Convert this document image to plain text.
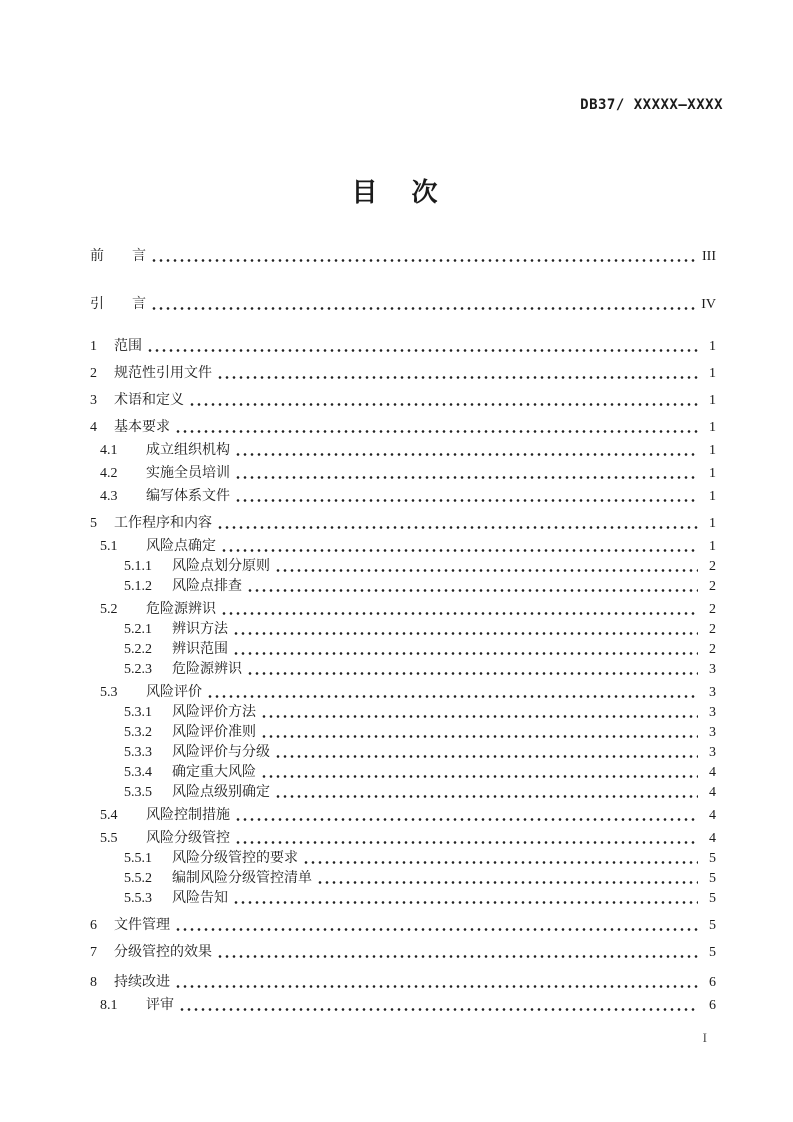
DB37/ XXXXX—XXXX
目　次
前　　言	III
引　　言	IV
1	范围	1
2	规范性引用文件	1
3	术语和定义	1
4	基本要求	1
4.1	成立组织机构	1
4.2	实施全员培训	1
4.3	编写体系文件	1
5	工作程序和内容	1
5.1	风险点确定	1
5.1.1	风险点划分原则	2
5.1.2	风险点排查	2
5.2	危险源辨识	2
5.2.1	辨识方法	2
5.2.2	辨识范围	2
5.2.3	危险源辨识	3
5.3	风险评价	3
5.3.1	风险评价方法	3
5.3.2	风险评价准则	3
5.3.3	风险评价与分级	3
5.3.4	确定重大风险	4
5.3.5	风险点级别确定	4
5.4	风险控制措施	4
5.5	风险分级管控	4
5.5.1	风险分级管控的要求	5
5.5.2	编制风险分级管控清单	5
5.5.3	风险告知	5
6	文件管理	5
7	分级管控的效果	5
8	持续改进	6
8.1	评审	6
I
